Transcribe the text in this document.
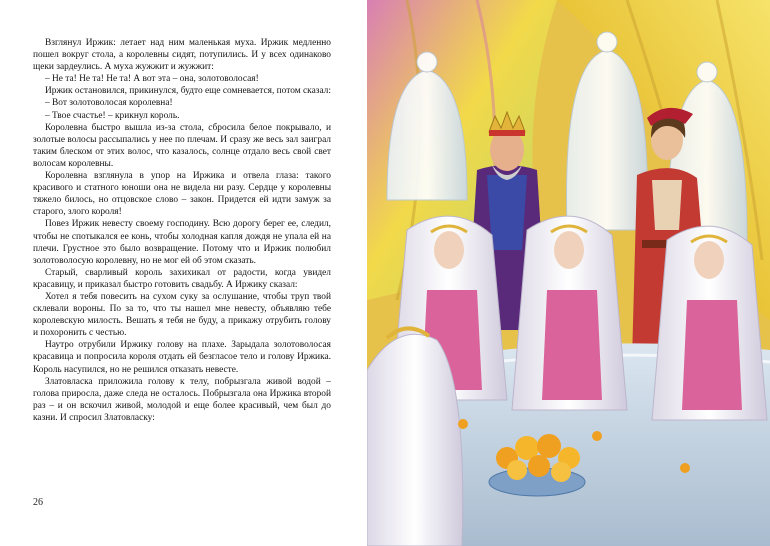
Взглянул Иржик: летает над ним маленькая муха. Иржик медленно пошел вокруг стола, а королевны сидят, потупились. И у всех одинаково щеки зардеулись. А муха жужжит и жужжит:

– Не та! Не та! Не та! А вот эта – она, золотоволосая!

Иржик остановился, прикинулся, будто еще сомневается, потом сказал:

– Вот золотоволосая королевна!

– Твое счастье! – крикнул король.

Королевна быстро вышла из-за стола, сбросила белое покрывало, и золотые волосы рассыпались у нее по плечам. И сразу же весь зал заиграл таким блеском от этих волос, что казалось, солнце отдало весь свой свет волосам королевны.

Королевна взглянула в упор на Иржика и отвела глаза: такого красивого и статного юноши она не видела ни разу. Сердце у королевны тяжело билось, но отцовское слово – закон. Придется ей идти замуж за старого, злого короля!

Повез Иржик невесту своему господину. Всю дорогу берег ее, следил, чтобы не спотыкался ее конь, чтобы холодная капля дождя не упала ей на плечи. Грустное это было возвращение. Потому что и Иржик полюбил золотоволосую королевну, но не мог ей об этом сказать.

Старый, сварливый король захихикал от радости, когда увидел красавицу, и приказал быстро готовить свадьбу. А Иржику сказал:

Хотел я тебя повесить на сухом суку за ослушание, чтобы труп твой склевали вороны. По за то, что ты нашел мне невесту, объявляю тебе королевскую милость. Вешать я тебя не буду, а прикажу отрубить голову и похоронить с честью.

Наутро отрубили Иржику голову на плахе. Зарыдала золотоволосая красавица и попросила короля отдать ей безгласое тело и голову Иржика. Король насупился, но не решился отказать невесте.

Златовласка приложила голову к телу, побрызгала живой водой – голова приросла, даже следа не осталось. Побрызгала она Иржика второй раз – и он вскочил живой, молодой и еще более красивый, чем был до казни. И спросил Златовласку:

26
